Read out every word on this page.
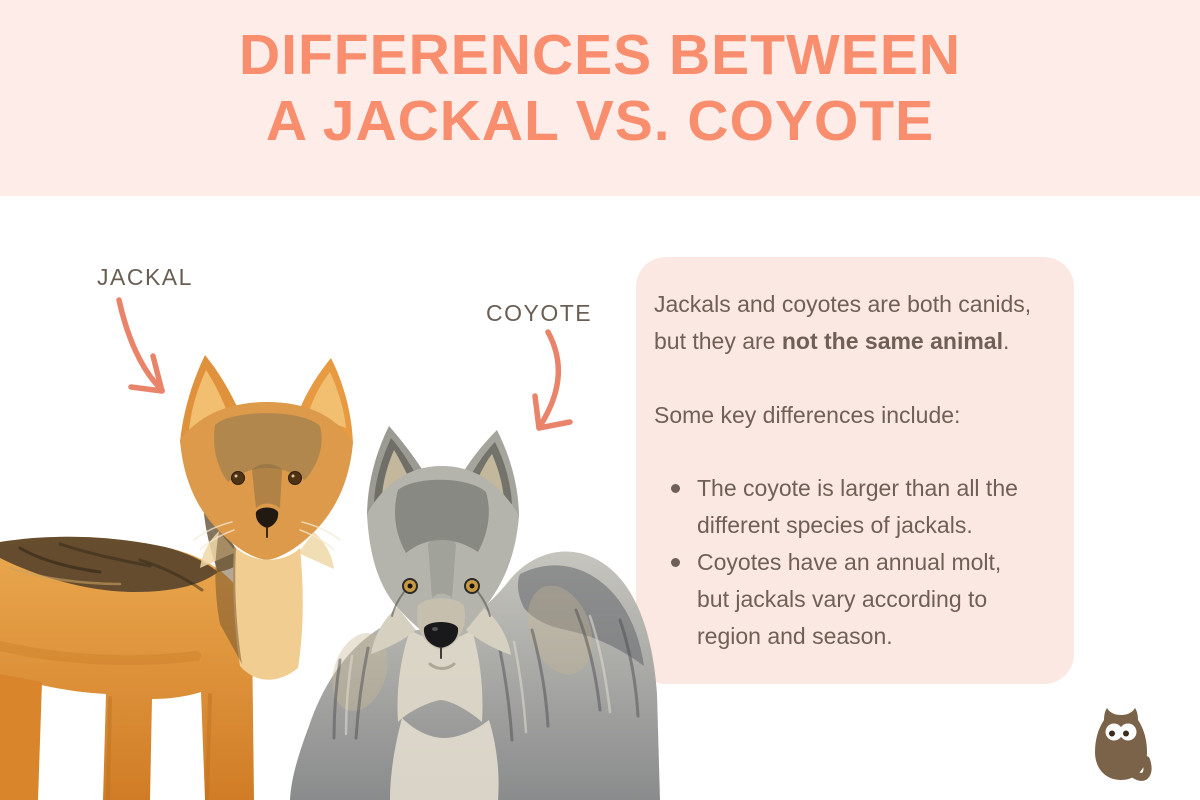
DIFFERENCES BETWEEN
A JACKAL VS. COYOTE
JACKAL
COYOTE	Jackals and coyotes are both canids,
but they are not the same animal.
Some key differences include:
The coyote is larger than all the
different species of jackals.
Coyotes have an annual molt,
but jackals vary according to
region and season.
